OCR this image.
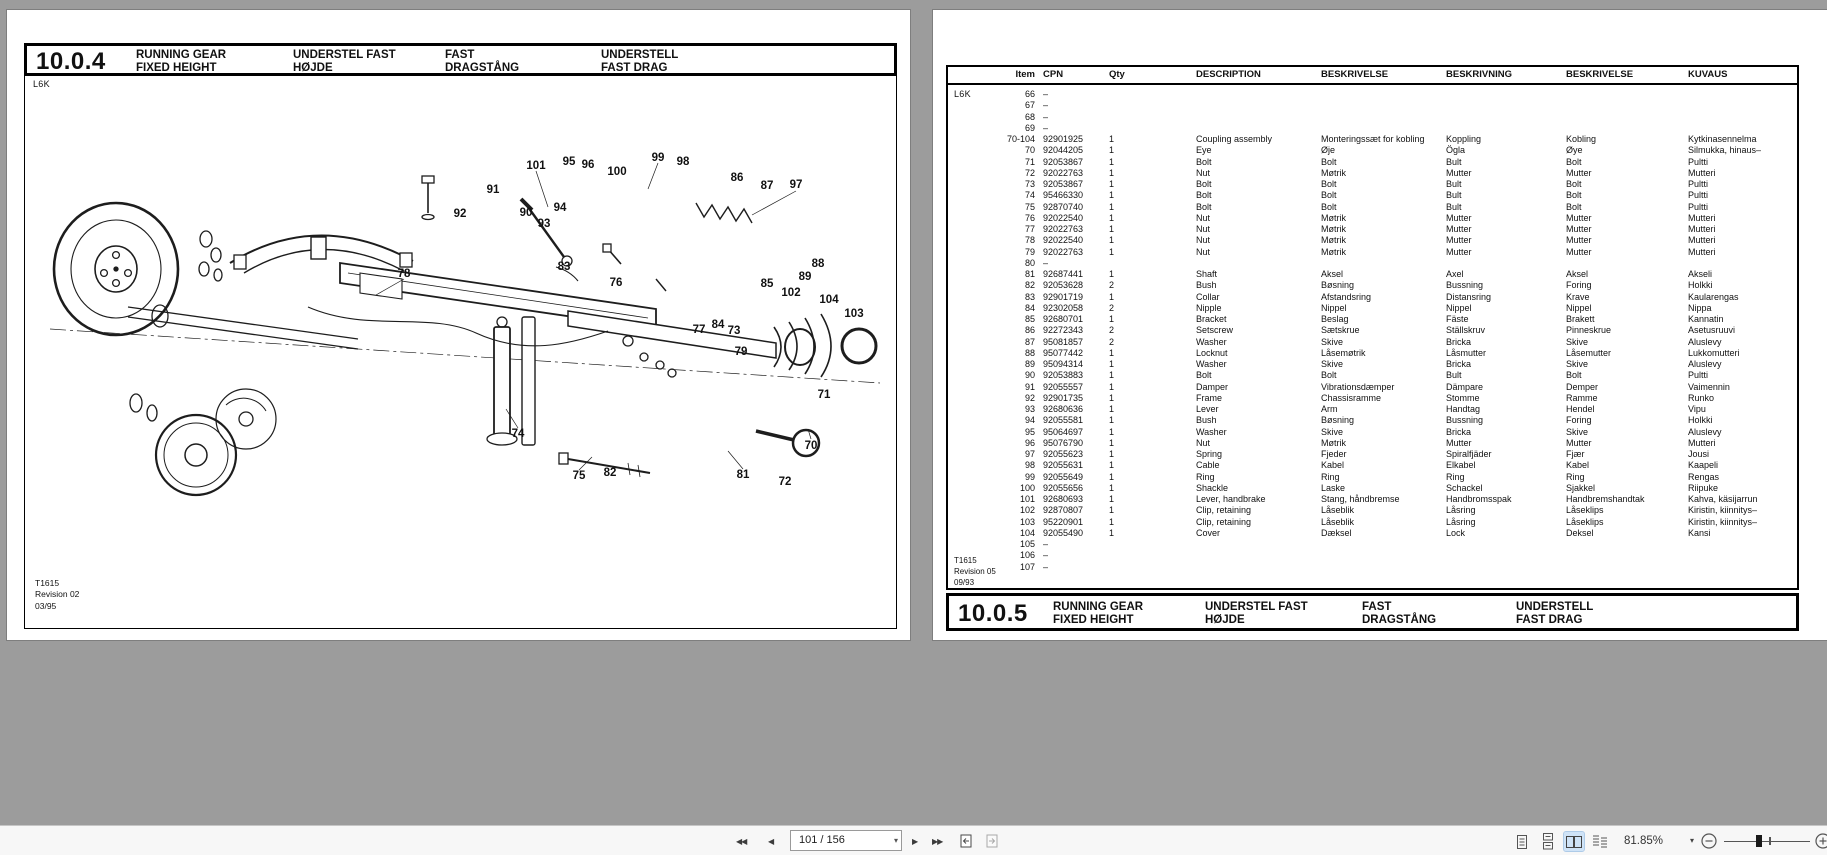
10.0.4	RUNNING GEAR
FIXED HEIGHT
UNDERSTEL FAST
HØJDE
FAST
DRAGSTÅNG
UNDERSTELL
FAST DRAG
L6K
T1615
Revision 02
03/95
101 95 96
100
99 98
86
87 97
91
92	90 94
93
78
83
76
88
89
85
102
104
103
77 84 73
79
71
70
74
75 82	81
72
Item CPN	Qty	DESCRIPTION	BESKRIVELSE	BESKRIVNING	BESKRIVELSE	KUVAUS
L6K	66 –
67 –
68 –
69 –
70-104 92901925	1	Coupling assembly	Monteringssæt for kobling	Koppling	Kobling	Kytkinasennelma
70 92044205	1	Eye	Øje	Ögla	Øye	Silmukka, hinaus–
71 92053867	1	Bolt	Bolt	Bult	Bolt	Pultti
72 92022763	1	Nut	Møtrik	Mutter	Mutter	Mutteri
73 92053867	1	Bolt	Bolt	Bult	Bolt	Pultti
74 95466330	1	Bolt	Bolt	Bult	Bolt	Pultti
75 92870740	1	Bolt	Bolt	Bult	Bolt	Pultti
76 92022540	1	Nut	Møtrik	Mutter	Mutter	Mutteri
77 92022763	1	Nut	Møtrik	Mutter	Mutter	Mutteri
78 92022540	1	Nut	Møtrik	Mutter	Mutter	Mutteri
79 92022763	1	Nut	Møtrik	Mutter	Mutter	Mutteri
80 –
81 92687441	1	Shaft	Aksel	Axel	Aksel	Akseli
82 92053628	2	Bush	Bøsning	Bussning	Foring	Holkki
83 92901719	1	Collar	Afstandsring	Distansring	Krave	Kaularengas
84 92302058	2	Nipple	Nippel	Nippel	Nippel	Nippa
85 92680701	1	Bracket	Beslag	Fäste	Brakett	Kannatin
86 92272343	2	Setscrew	Sætskrue	Ställskruv	Pinneskrue	Asetusruuvi
87 95081857	2	Washer	Skive	Bricka	Skive	Aluslevy
88 95077442	1	Locknut	Låsemøtrik	Låsmutter	Låsemutter	Lukkomutteri
89 95094314	1	Washer	Skive	Bricka	Skive	Aluslevy
90 92053883	1	Bolt	Bolt	Bult	Bolt	Pultti
91 92055557	1	Damper	Vibrationsdæmper	Dämpare	Demper	Vaimennin
92 92901735	1	Frame	Chassisramme	Stomme	Ramme	Runko
93 92680636	1	Lever	Arm	Handtag	Hendel	Vipu
94 92055581	1	Bush	Bøsning	Bussning	Foring	Holkki
95 95064697	1	Washer	Skive	Bricka	Skive	Aluslevy
96 95076790	1	Nut	Møtrik	Mutter	Mutter	Mutteri
97 92055623	1	Spring	Fjeder	Spiralfjäder	Fjær	Jousi
98 92055631	1	Cable	Kabel	Elkabel	Kabel	Kaapeli
99 92055649	1	Ring	Ring	Ring	Ring	Rengas
100 92055656	1	Shackle	Laske	Schackel	Sjakkel	Riipuke
101 92680693	1	Lever, handbrake	Stang, håndbremse	Handbromsspak	Handbremshandtak	Kahva, käsijarrun
102 92870807	1	Clip, retaining	Låseblik	Låsring	Låseklips	Kiristin, kiinnitys–
103 95220901	1	Clip, retaining	Låseblik	Låsring	Låseklips	Kiristin, kiinnitys–
104 92055490	1	Cover	Dæksel	Lock	Deksel	Kansi
105 –
106 –
107 –
T1615
Revision 05
09/93
10.0.5 RUNNING GEAR
FIXED HEIGHT
UNDERSTEL FAST
HØJDE
FAST
DRAGSTÅNG
UNDERSTELL
FAST DRAG
◀◀	◀ 101 / 156	▾ ▶ ▶▶	81.85%	▾
